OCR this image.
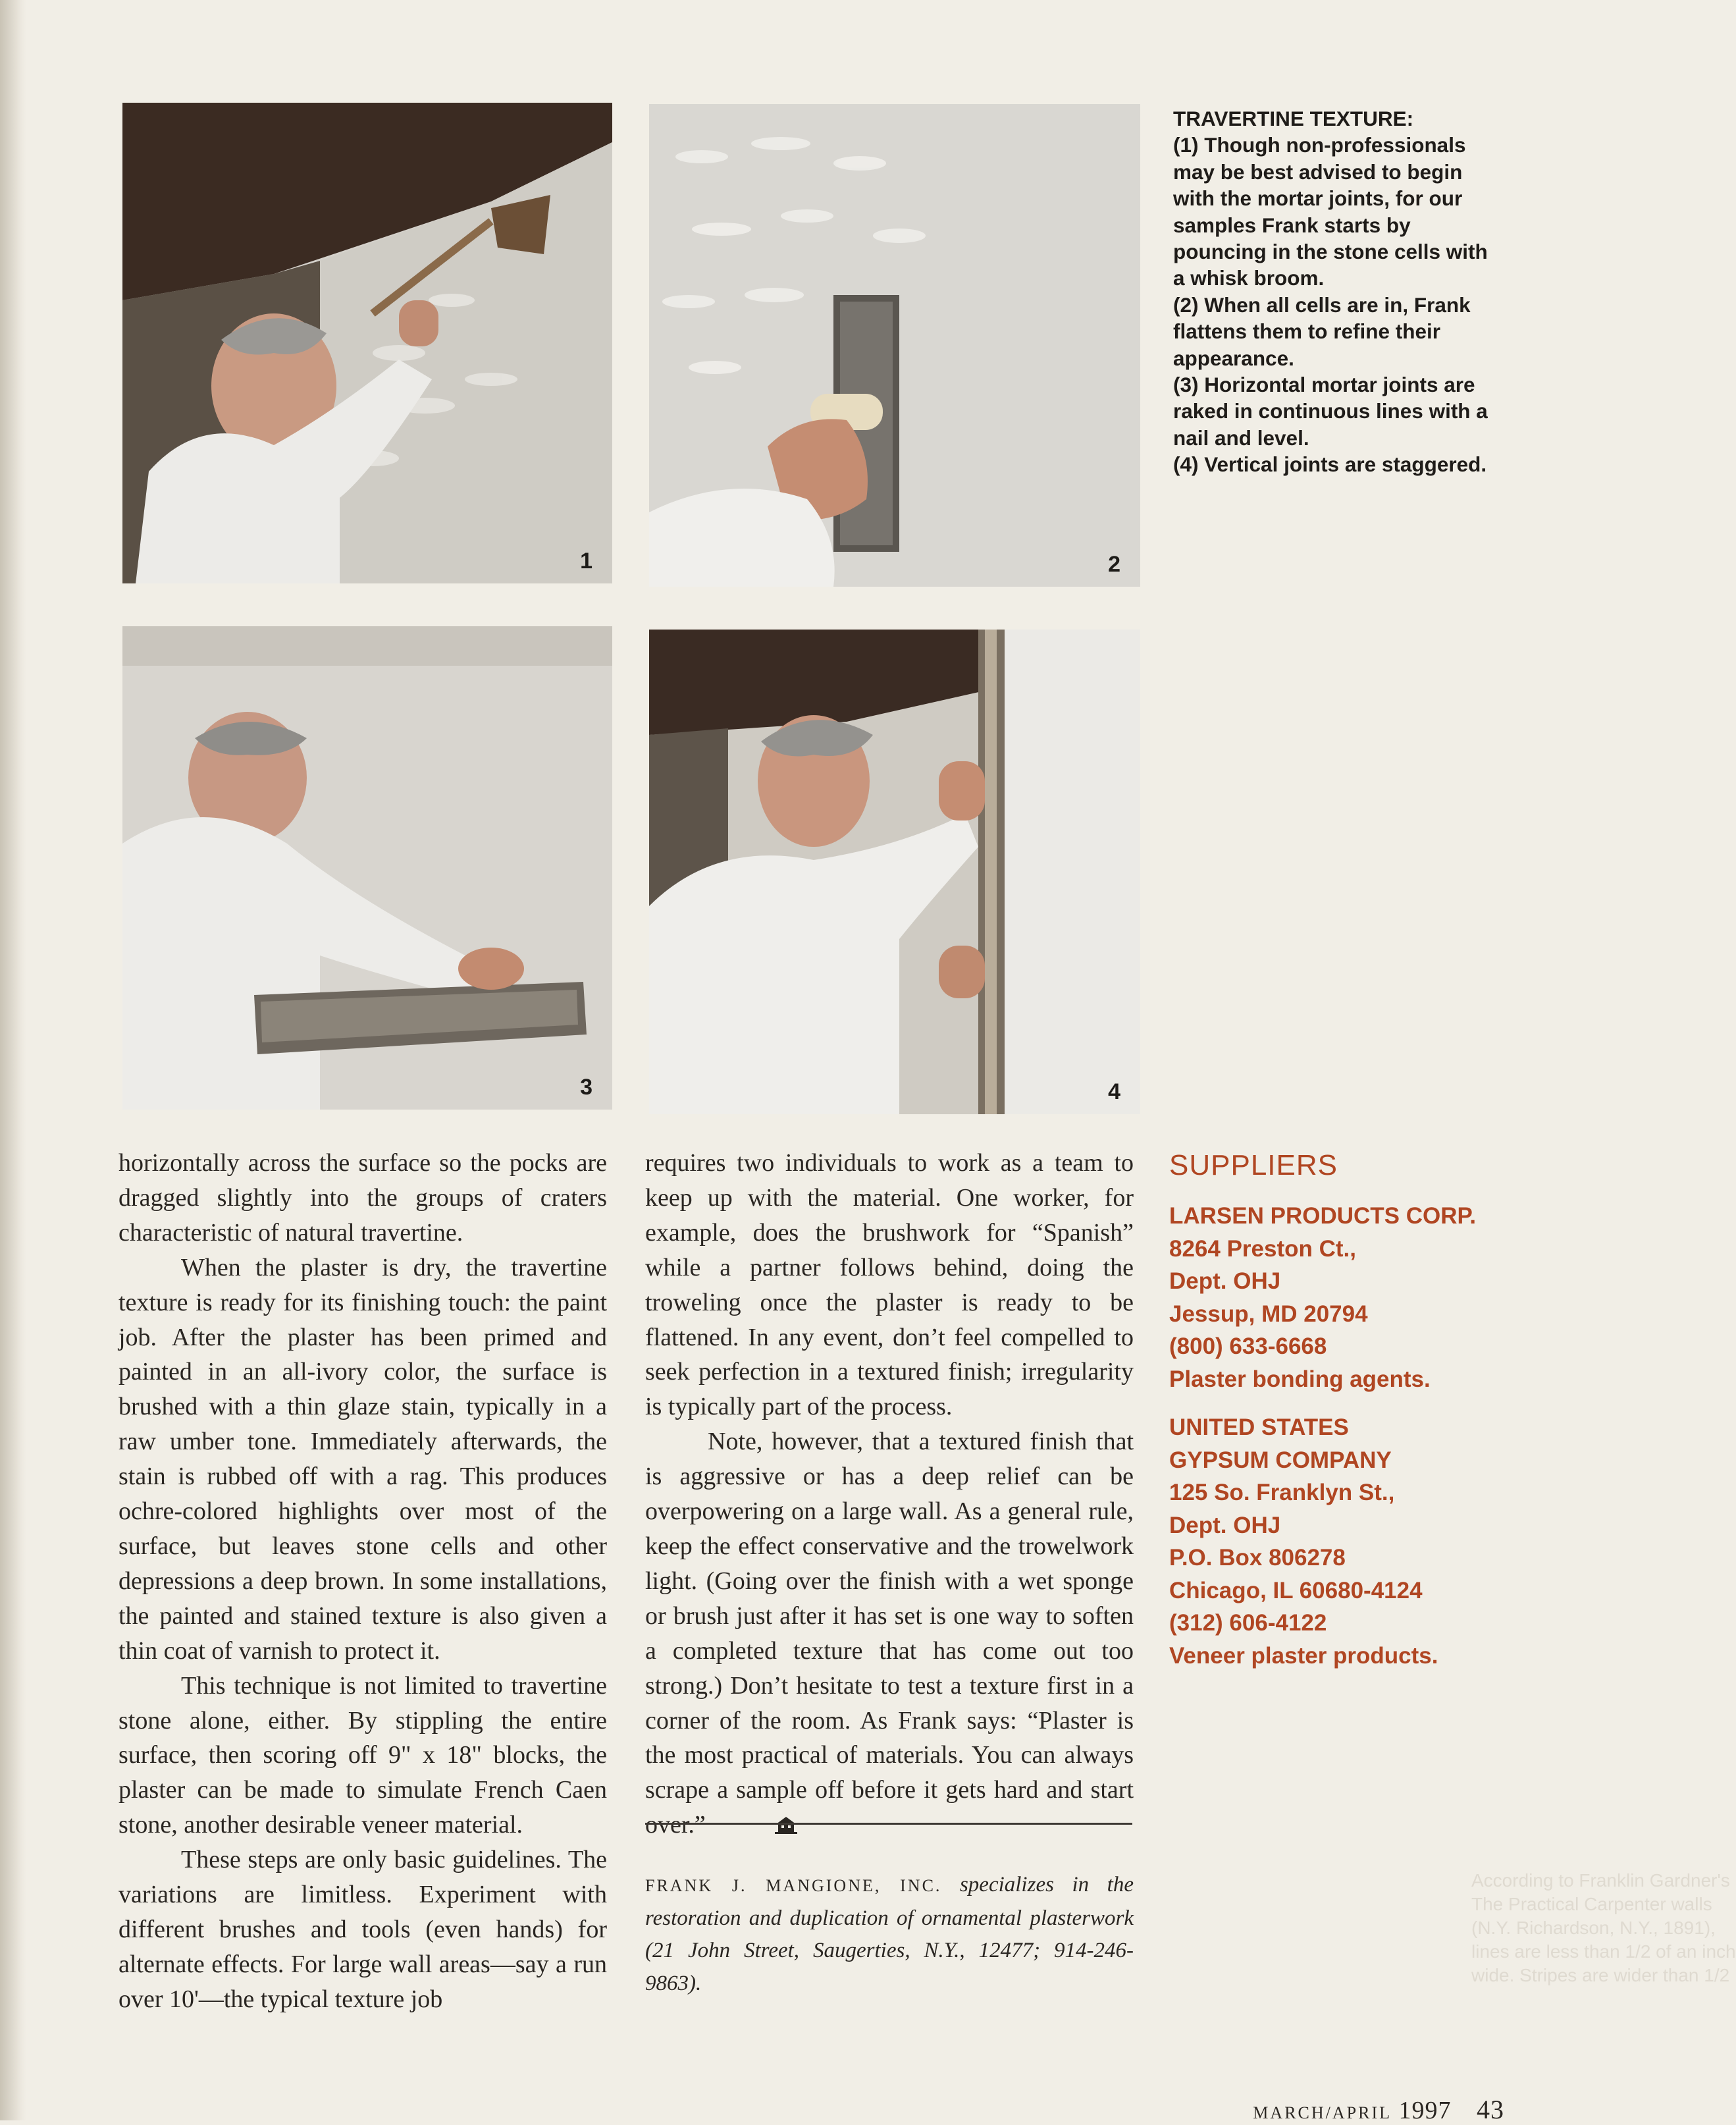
1	2
3	4

TRAVERTINE TEXTURE:

(1) Though non-professionals may be best advised to begin with the mortar joints, for our samples Frank starts by pouncing in the stone cells with a whisk broom.

(2) When all cells are in, Frank flattens them to refine their appearance.

(3) Horizontal mortar joints are raked in continuous lines with a nail and level.

(4) Vertical joints are staggered.

horizontally across the surface so the pocks are dragged slightly into the groups of craters characteristic of natural travertine.

When the plaster is dry, the travertine texture is ready for its finishing touch: the paint job. After the plaster has been primed and painted in an all-ivory color, the surface is brushed with a thin glaze stain, typically in a raw umber tone. Immediately afterwards, the stain is rubbed off with a rag. This produces ochre-colored highlights over most of the surface, but leaves stone cells and other depressions a deep brown. In some installations, the painted and stained texture is also given a thin coat of varnish to protect it.

This technique is not limited to travertine stone alone, either. By stippling the entire surface, then scoring off 9" x 18" blocks, the plaster can be made to simulate French Caen stone, another desirable veneer material.

These steps are only basic guidelines. The variations are limitless. Experiment with different brushes and tools (even hands) for alternate effects. For large wall areas—say a run over 10'—the typical texture job

requires two individuals to work as a team to keep up with the material. One worker, for example, does the brushwork for “Spanish” while a partner follows behind, doing the troweling once the plaster is ready to be flattened. In any event, don’t feel compelled to seek perfection in a textured finish; irregularity is typically part of the process.

Note, however, that a textured finish that is aggressive or has a deep relief can be overpowering on a large wall. As a general rule, keep the effect conservative and the trowelwork light. (Going over the finish with a wet sponge or brush just after it has set is one way to soften a completed texture that has come out too strong.) Don’t hesitate to test a texture first in a corner of the room. As Frank says: “Plaster is the most practical of materials. You can always scrape a sample off before it gets hard and start over.”

FRANK J. MANGIONE, INC. specializes in the restoration and duplication of ornamental plasterwork (21 John Street, Saugerties, N.Y., 12477; 914-246-9863).
SUPPLIERS

LARSEN PRODUCTS CORP.

8264 Preston Ct.,

Dept. OHJ

Jessup, MD 20794

(800) 633-6668

Plaster bonding agents.

UNITED STATES

GYPSUM COMPANY

125 So. Franklyn St.,

Dept. OHJ

P.O. Box 806278

Chicago, IL 60680-4124

(312) 606-4122

Veneer plaster products.

According to Franklin Gardner's

The Practical Carpenter walls

(N.Y. Richardson, N.Y., 1891),

lines are less than 1/2 of an inch

wide. Stripes are wider than 1/2

MARCH/APRIL 1997 43
